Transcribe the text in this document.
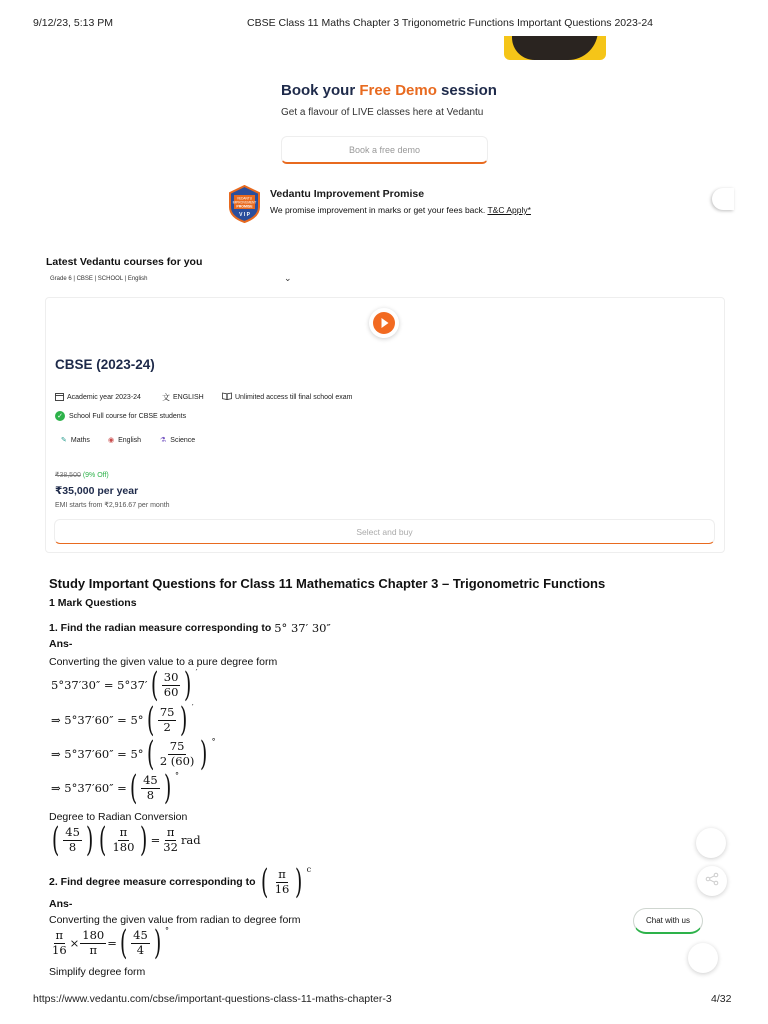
9/12/23, 5:13 PM	CBSE Class 11 Maths Chapter 3 Trigonometric Functions Important Questions 2023-24
Book your Free Demo session
Get a flavour of LIVE classes here at Vedantu
Book a free demo
VEDANTU
IMPROVEMENT
PROMISE
V I P
Vedantu Improvement Promise
We promise improvement in marks or get your fees back. T&C Apply*
Latest Vedantu courses for you
Grade 6 | CBSE | SCHOOL | English	⌄
CBSE (2023-24)
Academic year 2023-24	文 ENGLISH	Unlimited access till final school exam
✓ School Full course for CBSE students
✎ Maths	◉ English	⚗ Science
₹38,500 (9% Off)
₹35,000 per year
EMI starts from ₹2,916.67 per month
Select and buy
Study Important Questions for Class 11 Mathematics Chapter 3 – Trigonometric Functions
1 Mark Questions
1. Find the radian measure corresponding to
5° 37′ 30″
Ans-
Converting the given value to a pure degree form
5°37′30″ = 5°37′ ( $\frac{30}{60}$ ) ′
⇒ 5°37′60″ = 5° ( $\frac{75}{2}$ ) ′
⇒ 5°37′60″ = 5° ( $\frac{75}{2 (60)}$ ) °
⇒ 5°37′60″ = ( $\frac{45}{8}$ ) °
Degree to Radian Conversion
( $\frac{45}{8}$ ) ( $\frac{\pi}{180}$ ) = $\frac{\pi}{32}$ rad
2. Find degree measure corresponding to
( $\frac{\pi}{16}$ ) c
Ans-
Converting the given value from radian to degree form
$\frac{\pi}{16} \times \frac{180}{\pi}$ = ( $\frac{45}{4}$ ) °
Simplify degree form
Chat with us
https://www.vedantu.com/cbse/important-questions-class-11-maths-chapter-3	4/32
